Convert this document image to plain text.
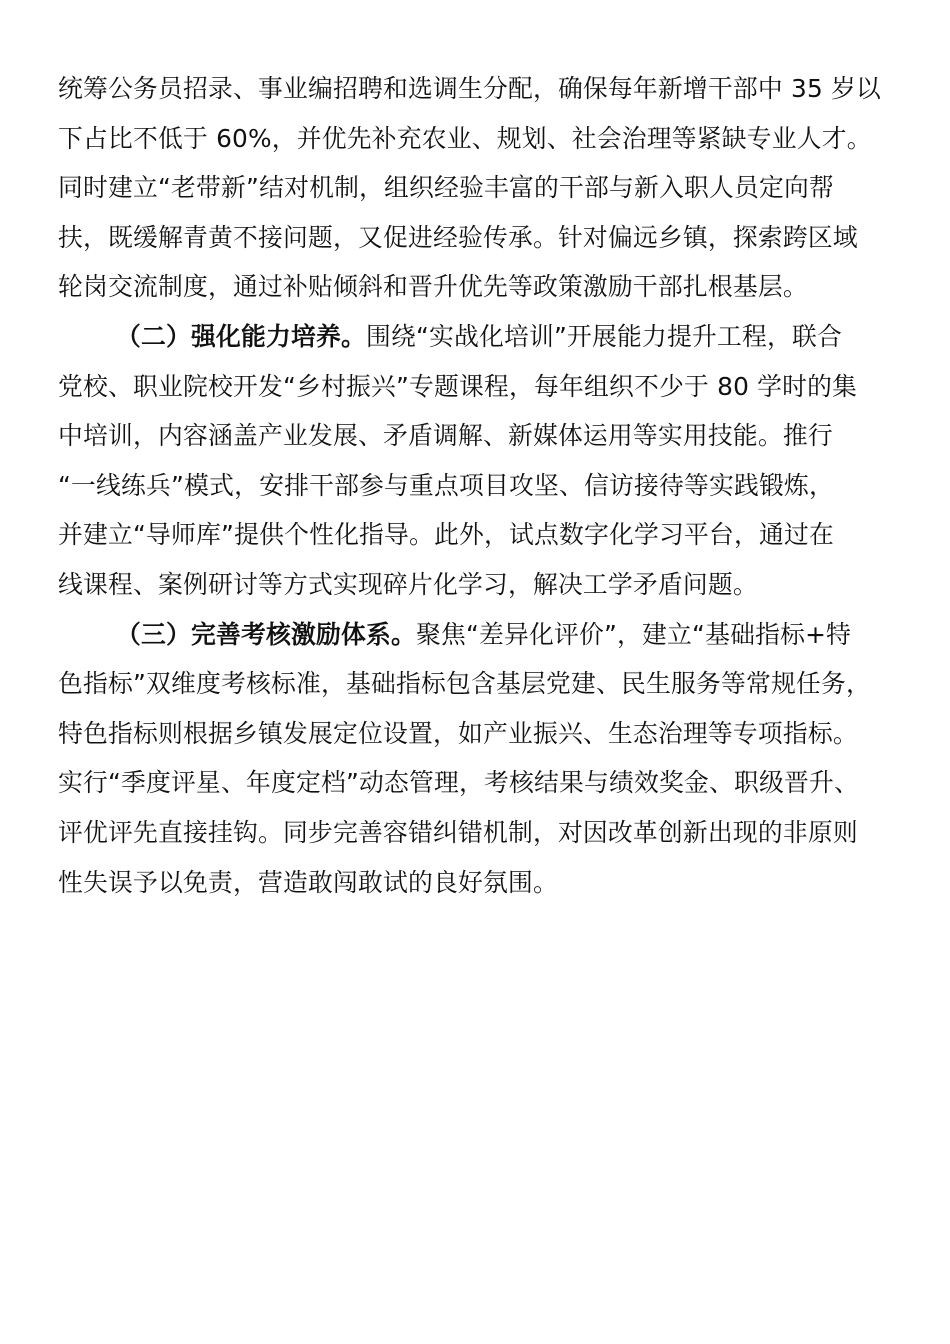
统筹公务员招录、事业编招聘和选调生分配，确保每年新增干部中 35 岁以
下占比不低于 60%，并优先补充农业、规划、社会治理等紧缺专业人才。
同时建立“老带新”结对机制，组织经验丰富的干部与新入职人员定向帮
扶，既缓解青黄不接问题，又促进经验传承。针对偏远乡镇，探索跨区域
轮岗交流制度，通过补贴倾斜和晋升优先等政策激励干部扎根基层。
（二）强化能力培养。围绕“实战化培训”开展能力提升工程，联合
党校、职业院校开发“乡村振兴”专题课程，每年组织不少于 80 学时的集
中培训，内容涵盖产业发展、矛盾调解、新媒体运用等实用技能。推行
“一线练兵”模式，安排干部参与重点项目攻坚、信访接待等实践锻炼，
并建立“导师库”提供个性化指导。此外，试点数字化学习平台，通过在
线课程、案例研讨等方式实现碎片化学习，解决工学矛盾问题。
（三）完善考核激励体系。聚焦“差异化评价”，建立“基础指标+特
色指标”双维度考核标准，基础指标包含基层党建、民生服务等常规任务，
特色指标则根据乡镇发展定位设置，如产业振兴、生态治理等专项指标。
实行“季度评星、年度定档”动态管理，考核结果与绩效奖金、职级晋升、
评优评先直接挂钩。同步完善容错纠错机制，对因改革创新出现的非原则
性失误予以免责，营造敢闯敢试的良好氛围。
